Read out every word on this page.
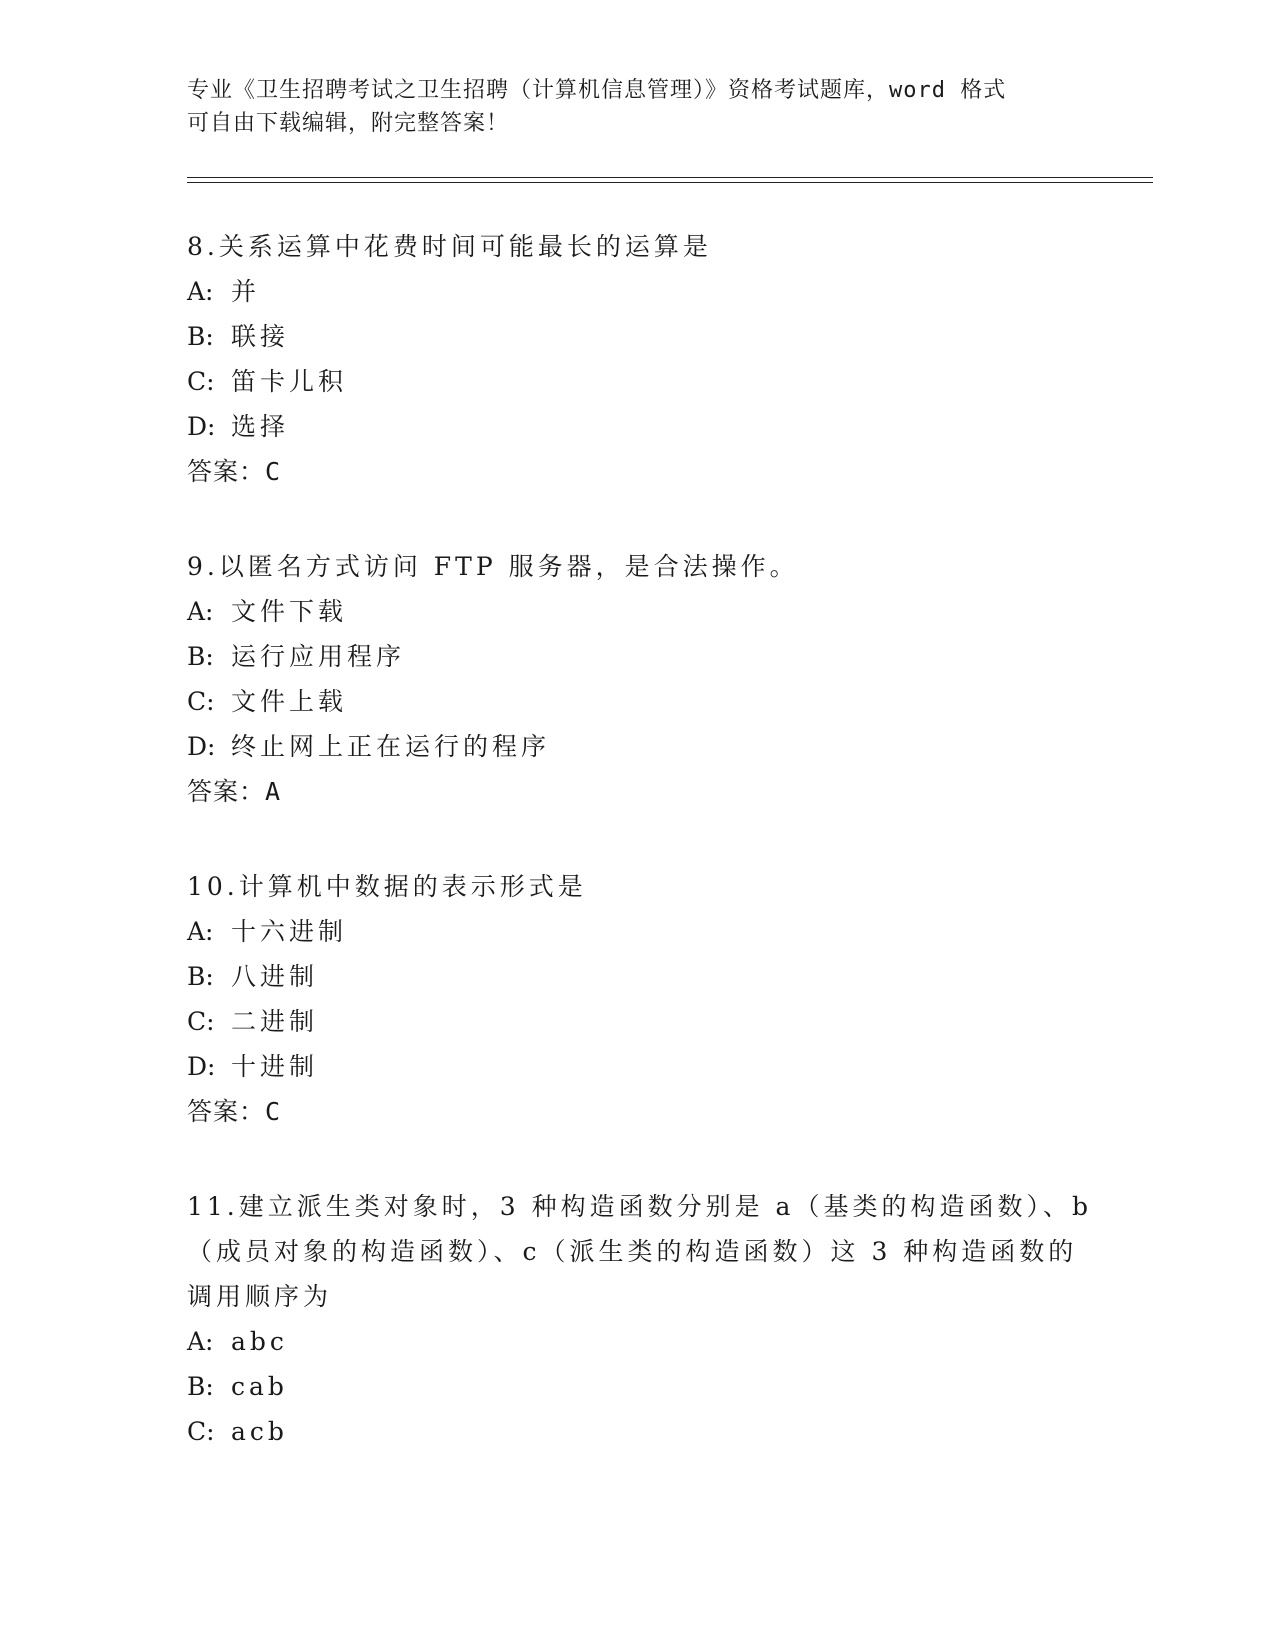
专业《卫生招聘考试之卫生招聘（计算机信息管理）》资格考试题库，word 格式
可自由下载编辑，附完整答案！
8.关系运算中花费时间可能最长的运算是
A: 并
B: 联接
C: 笛卡儿积
D: 选择
答案：C
9.以匿名方式访问 FTP 服务器，是合法操作。
A: 文件下载
B: 运行应用程序
C: 文件上载
D: 终止网上正在运行的程序
答案：A
10.计算机中数据的表示形式是
A: 十六进制
B: 八进制
C: 二进制
D: 十进制
答案：C
11.建立派生类对象时，3 种构造函数分别是 a（基类的构造函数）、b
（成员对象的构造函数）、c（派生类的构造函数）这 3 种构造函数的
调用顺序为
A: abc
B: cab
C: acb
